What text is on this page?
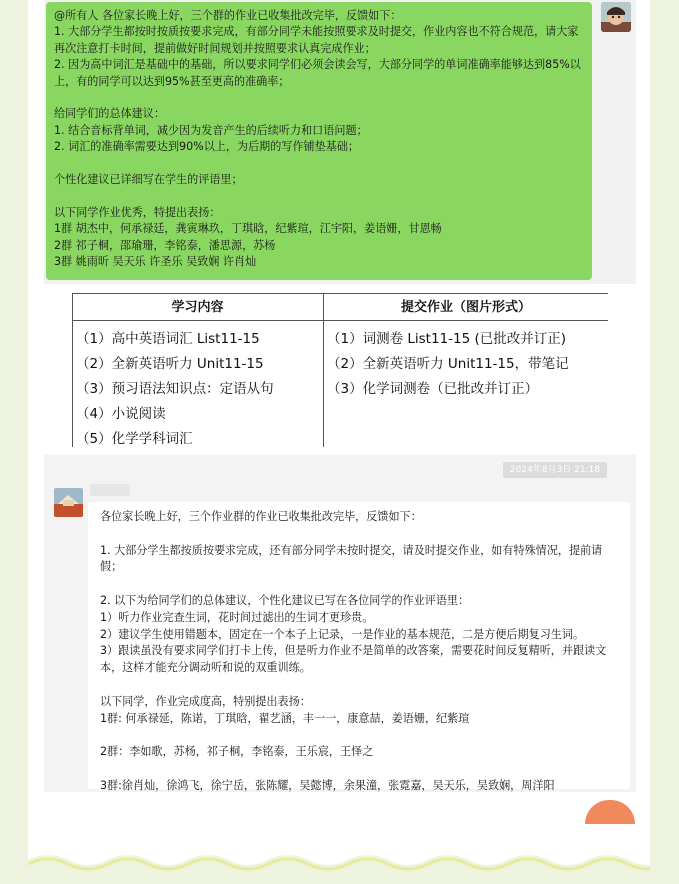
@所有人 各位家长晚上好，三个群的作业已收集批改完毕，反馈如下：
1. 大部分学生都按时按质按要求完成，有部分同学未能按照要求及时提交，作业内容也不符合规范，请大家再次注意打卡时间，提前做好时间规划并按照要求认真完成作业；
2. 因为高中词汇是基础中的基础，所以要求同学们必须会读会写，大部分同学的单词准确率能够达到85%以上，有的同学可以达到95%甚至更高的准确率；

给同学们的总体建议：
1. 结合音标背单词，减少因为发音产生的后续听力和口语问题；
2. 词汇的准确率需要达到90%以上，为后期的写作铺垫基础；

个性化建议已详细写在学生的评语里；

以下同学作业优秀，特提出表扬：
1群 胡杰中，何承禄廷，龚寅琳玖，丁琪晗，纪紫瑄，江宇阳，姜语姗，甘恩畅
2群 祁子桐，邵瑜珊，李铭泰，潘思源，苏杨
3群 姚雨昕 吴天乐 许圣乐 吴致娴 许肖灿

学习内容	提交作业（图片形式）
（1）高中英语词汇 List11-15
（2）全新英语听力 Unit11-15
（3）预习语法知识点：定语从句
（4）小说阅读
（5）化学学科词汇
（1）词测卷 List11-15 (已批改并订正)
（2）全新英语听力 Unit11-15，带笔记
（3）化学词测卷（已批改并订正）
2024年8月3日 21:18

各位家长晚上好，三个作业群的作业已收集批改完毕，反馈如下：

1. 大部分学生都按质按要求完成，还有部分同学未按时提交，请及时提交作业，如有特殊情况，提前请假；

2. 以下为给同学们的总体建议，个性化建议已写在各位同学的作业评语里：
1）听力作业完查生词，花时间过滤出的生词才更珍贵。
2）建议学生使用错题本，固定在一个本子上记录，一是作业的基本规范，二是方便后期复习生词。
3）跟读虽没有要求同学们打卡上传，但是听力作业不是简单的改答案，需要花时间反复精听，并跟读文本，这样才能充分调动听和说的双重训练。

以下同学，作业完成度高，特别提出表扬：
1群: 何承禄延，陈诺，丁琪晗，翟艺涵，丰一一，康意喆，姜语姗，纪紫瑄

2群：李如歌，苏杨，祁子桐，李铭泰，王乐宸，王怿之

3群:徐肖灿，徐鸿飞，徐宁岳，张陈耀，吴懿博，余果潼，张霓嘉，吴天乐，吴致娴，周洋阳
